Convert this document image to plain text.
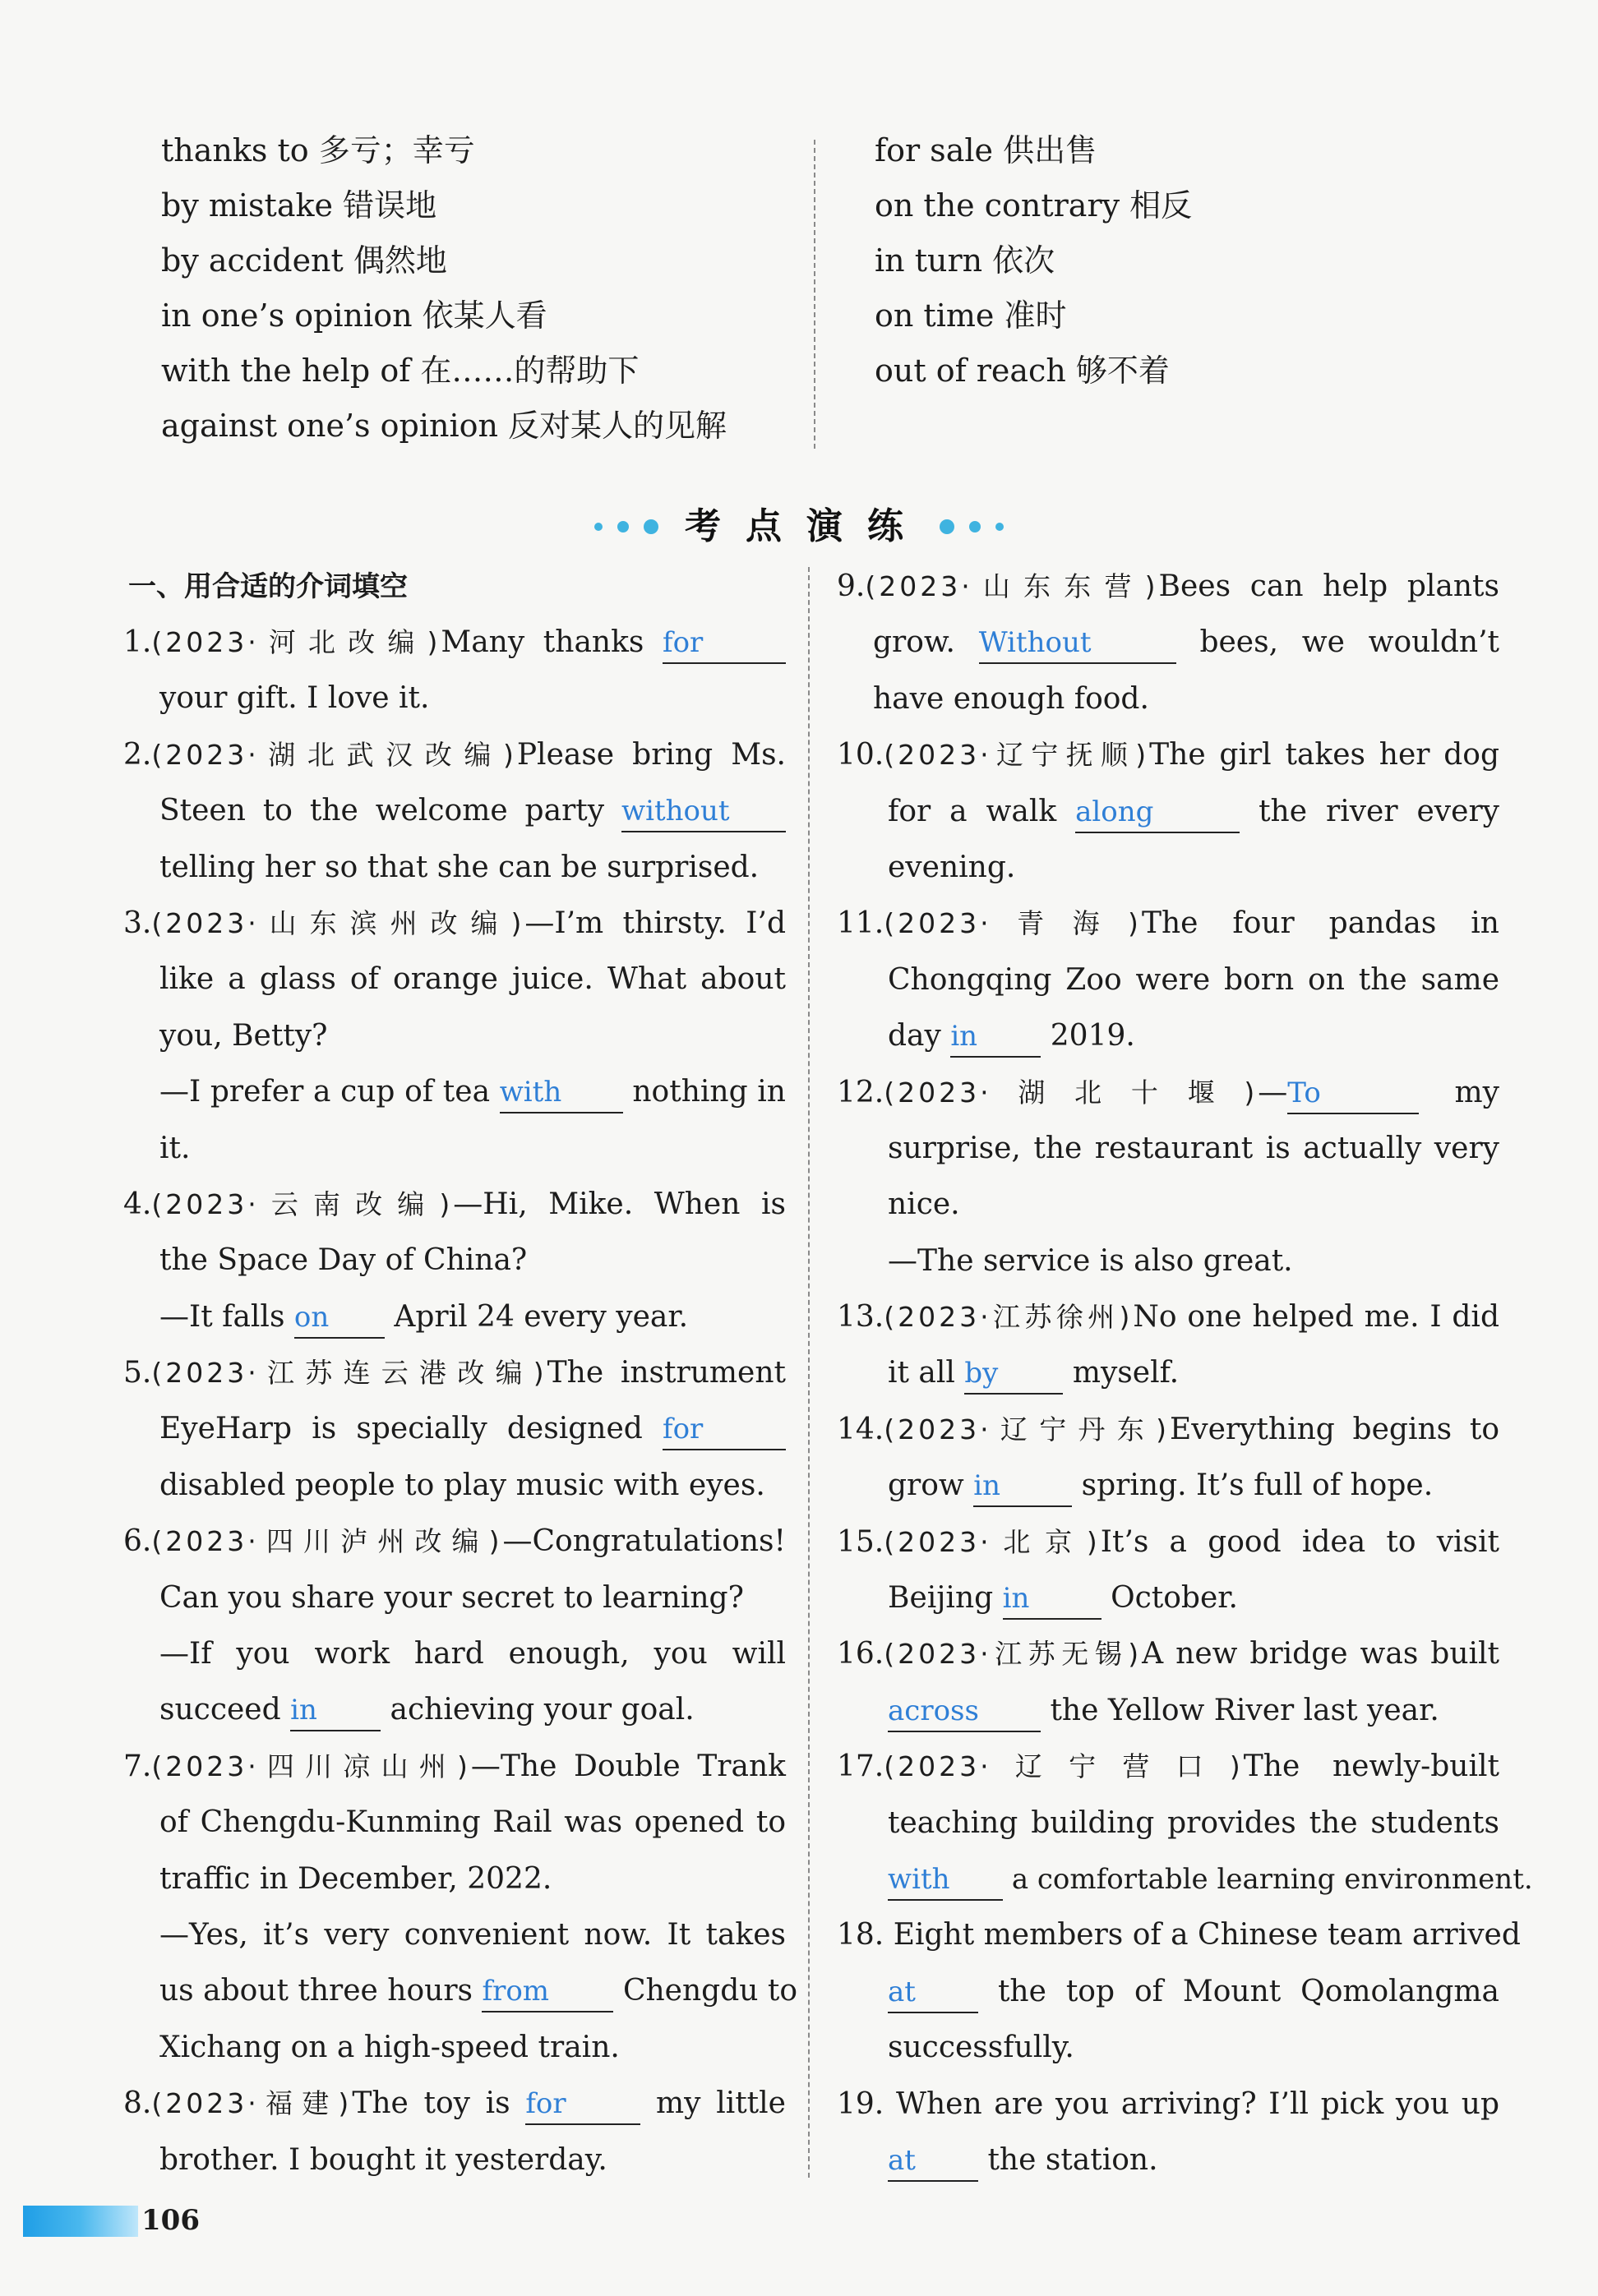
thanks to 多亏；幸亏
by mistake 错误地
by accident 偶然地
in one’s opinion 依某人看
with the help of 在……的帮助下
against one’s opinion 反对某人的见解
for sale 供出售
on the contrary 相反
in turn 依次
on time 准时
out of reach 够不着
考点演练
一、用合适的介词填空
1.(2023·河北改编)Many thanks for
your gift. I love it.
2.(2023·湖北武汉改编)Please bring Ms.
Steen to the welcome party without
telling her so that she can be surprised.
3.(2023·山东滨州改编)—I’m thirsty. I’d
like a glass of orange juice. What about
you, Betty?
—I prefer a cup of tea with nothing in
it.
4.(2023·云南改编)—Hi, Mike. When is
the Space Day of China?
—It falls on April 24 every year.
5.(2023·江苏连云港改编)The instrument
EyeHarp is specially designed for
disabled people to play music with eyes.
6.(2023·四川泸州改编)—Congratulations!
Can you share your secret to learning?
—If you work hard enough, you will
succeed in achieving your goal.
7.(2023·四川凉山州)—The Double Trank
of Chengdu-Kunming Rail was opened to
traffic in December, 2022.
—Yes, it’s very convenient now. It takes
us about three hours from Chengdu to
Xichang on a high-speed train.
8.(2023·福建)The toy is for	my little
brother. I bought it yesterday.
9.(2023·山东东营)Bees can help plants
grow. Without	bees, we wouldn’t
have enough food.
10.(2023·辽宁抚顺)The girl takes her dog
for a walk along	the river every
evening.
11.(2023·青海)The four pandas in
Chongqing Zoo were born on the same
day in 2019.
12.(2023·湖北十堰)—To	my
surprise, the restaurant is actually very
nice.
—The service is also great.
13.(2023·江苏徐州)No one helped me. I did
it all by	myself.
14.(2023·辽宁丹东)Everything begins to
grow in	spring. It’s full of hope.
15.(2023·北京)It’s a good idea to visit
Beijing in	October.
16.(2023·江苏无锡)A new bridge was built
across the Yellow River last year.
17.(2023·辽宁营口)The newly-built
teaching building provides the students
with a comfortable learning environment.
18. Eight members of a Chinese team arrived
at	the top of Mount Qomolangma
successfully.
19. When are you arriving? I’ll pick you up
at the station.
106
